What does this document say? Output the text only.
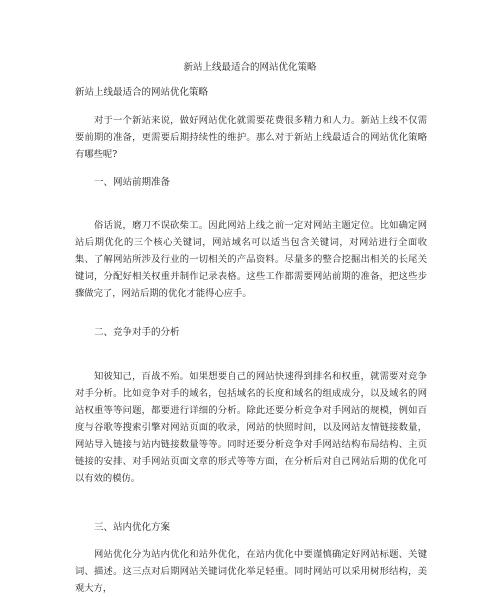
新站上线最适合的网站优化策略
新站上线最适合的网站优化策略

对于一个新站来说，做好网站优化就需要花费很多精力和人力。新站上线不仅需要前期的准备，更需要后期持续性的维护。那么对于新站上线最适合的网站优化策略有哪些呢?

一、网站前期准备

俗话说，磨刀不误砍柴工。因此网站上线之前一定对网站主题定位。比如确定网站后期优化的三个核心关键词，网站域名可以适当包含关键词，对网站进行全面收集、了解网站所涉及行业的一切相关的产品资料。尽量多的整合挖掘出相关的长尾关键词，分配好相关权重并制作记录表格。这些工作都需要网站前期的准备，把这些步骤做完了，网站后期的优化才能得心应手。

二、竞争对手的分析

知彼知己，百战不殆。如果想要自己的网站快速得到排名和权重，就需要对竞争对手分析。比如竞争对手的域名，包括域名的长度和域名的组成成分，以及域名的网站权重等等问题，都要进行详细的分析。除此还要分析竞争对手网站的规模，例如百度与谷歌等搜索引擎对网站页面的收录，网站的快照时间，以及网站友情链接数量，网站导入链接与站内链接数量等等。同时还要分析竞争对手网站结构布局结构、主页链接的安排、对手网站页面文章的形式等等方面，在分析后对自己网站后期的优化可以有效的模仿。

三、站内优化方案

网站优化分为站内优化和站外优化，在站内优化中要谨慎确定好网站标题、关键词、描述。这三点对后期网站关键词优化举足轻重。同时网站可以采用树形结构，美观大方，
